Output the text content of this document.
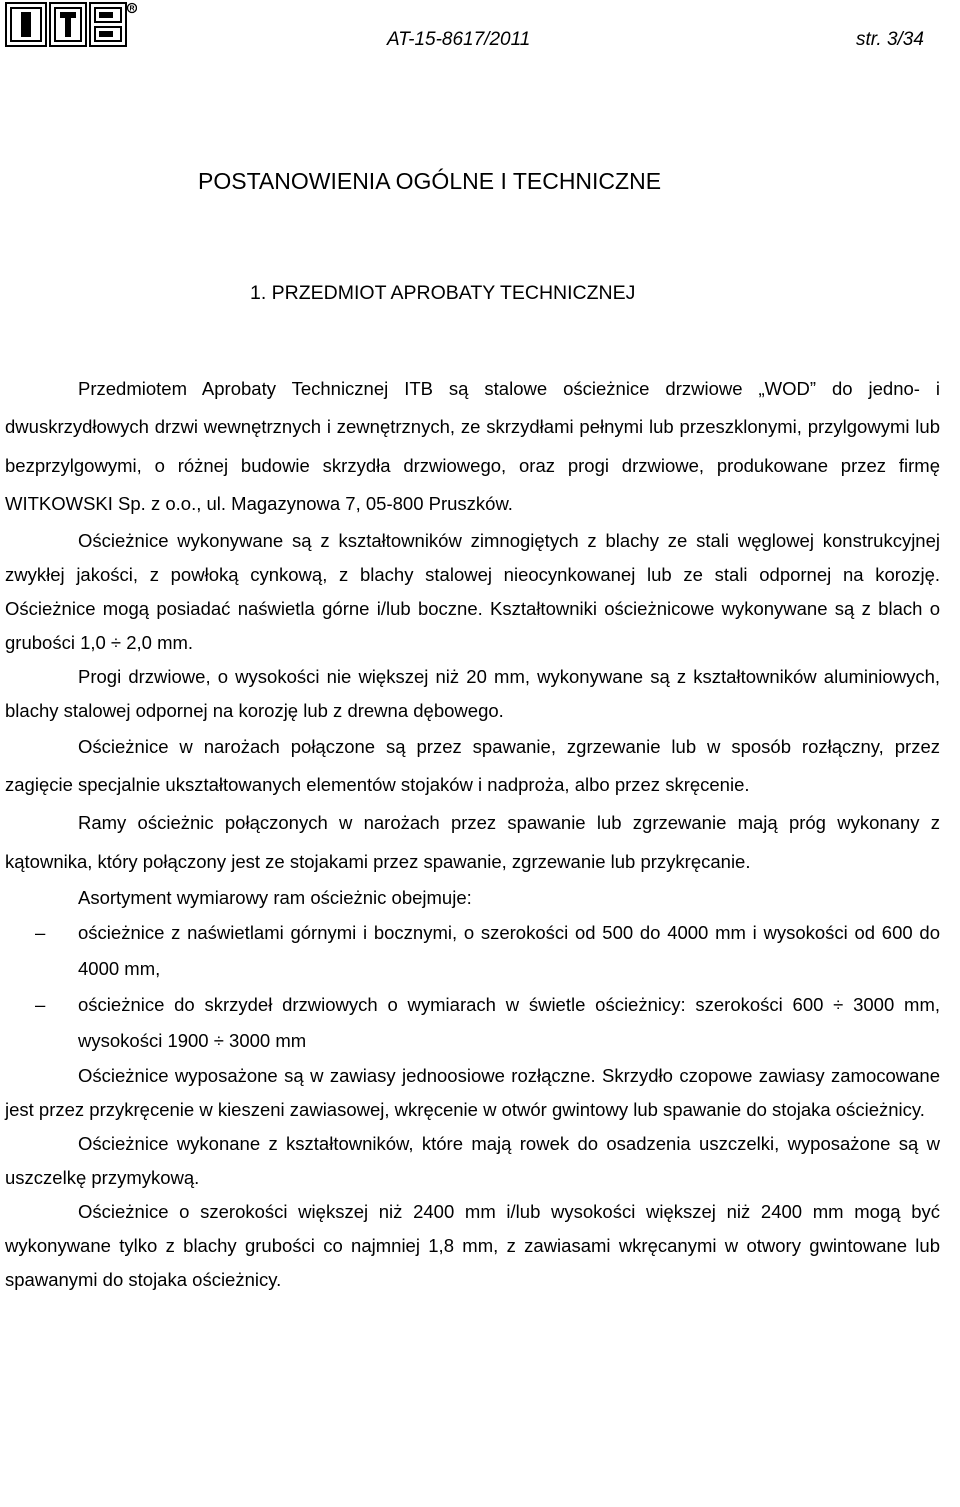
R
AT-15-8617/2011	str. 3/34
POSTANOWIENIA OGÓLNE I TECHNICZNE
1. PRZEDMIOT APROBATY TECHNICZNEJ

Przedmiotem Aprobaty Technicznej ITB są stalowe ościeżnice drzwiowe „WOD” do jedno- i dwuskrzydłowych drzwi wewnętrznych i zewnętrznych, ze skrzydłami pełnymi lub przeszklonymi, przylgowymi lub bezprzylgowymi, o różnej budowie skrzydła drzwiowego, oraz progi drzwiowe, produkowane przez firmę WITKOWSKI Sp. z o.o., ul. Magazynowa 7, 05-800 Pruszków.

Ościeżnice wykonywane są z kształtowników zimnogiętych z blachy ze stali węglowej konstrukcyjnej zwykłej jakości, z powłoką cynkową, z blachy stalowej nieocynkowanej lub ze stali odpornej na korozję. Ościeżnice mogą posiadać naświetla górne i/lub boczne. Kształtowniki ościeżnicowe wykonywane są z blach o grubości 1,0 ÷ 2,0 mm.

Progi drzwiowe, o wysokości nie większej niż 20 mm, wykonywane są z kształtowników aluminiowych, blachy stalowej odpornej na korozję lub z drewna dębowego.

Ościeżnice w narożach połączone są przez spawanie, zgrzewanie lub w sposób rozłączny, przez zagięcie specjalnie ukształtowanych elementów stojaków i nadproża, albo przez skręcenie.

Ramy ościeżnic połączonych w narożach przez spawanie lub zgrzewanie mają próg wykonany z kątownika, który połączony jest ze stojakami przez spawanie, zgrzewanie lub przykręcanie.

Asortyment wymiarowy ram ościeżnic obejmuje:

– ościeżnice z naświetlami górnymi i bocznymi, o szerokości od 500 do 4000 mm i wysokości od 600 do 4000 mm,
– ościeżnice do skrzydeł drzwiowych o wymiarach w świetle ościeżnicy: szerokości 600 ÷ 3000 mm, wysokości 1900 ÷ 3000 mm

Ościeżnice wyposażone są w zawiasy jednoosiowe rozłączne. Skrzydło czopowe zawiasy zamocowane jest przez przykręcenie w kieszeni zawiasowej, wkręcenie w otwór gwintowy lub spawanie do stojaka ościeżnicy.

Ościeżnice wykonane z kształtowników, które mają rowek do osadzenia uszczelki, wyposażone są w uszczelkę przymykową.

Ościeżnice o szerokości większej niż 2400 mm i/lub wysokości większej niż 2400 mm mogą być wykonywane tylko z blachy grubości co najmniej 1,8 mm, z zawiasami wkręcanymi w otwory gwintowane lub spawanymi do stojaka ościeżnicy.
